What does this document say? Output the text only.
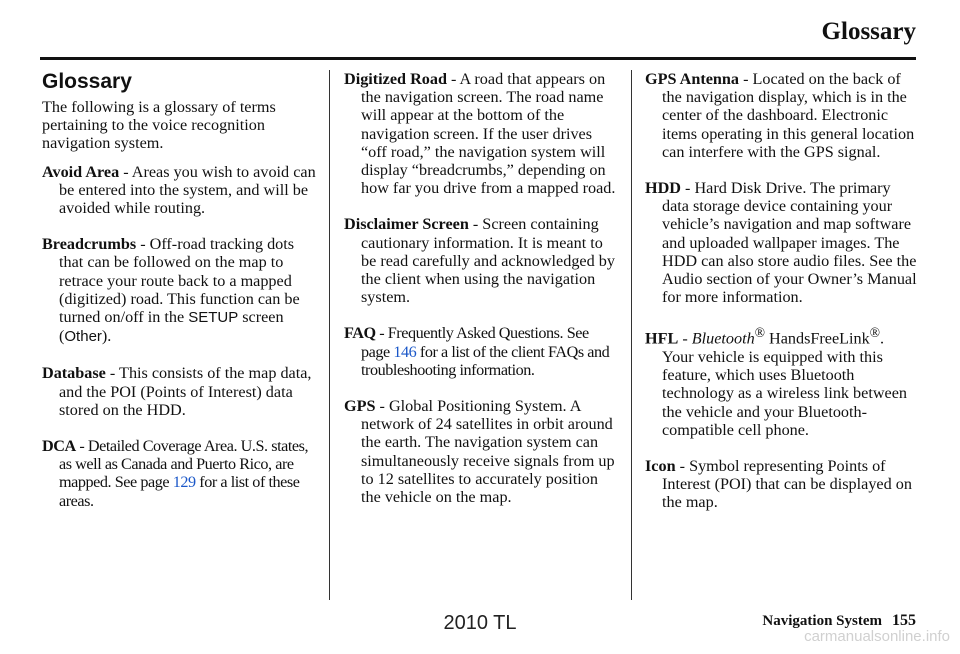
Glossary
Glossary

The following is a glossary of terms pertaining to the voice recognition navigation system.

Avoid Area - Areas you wish to avoid can be entered into the system, and will be avoided while routing.

Breadcrumbs - Off-road tracking dots that can be followed on the map to retrace your route back to a mapped (digitized) road. This function can be turned on/off in the SETUP screen (Other).

Database - This consists of the map data, and the POI (Points of Interest) data stored on the HDD.

DCA - Detailed Coverage Area. U.S. states, as well as Canada and Puerto Rico, are mapped. See page 129 for a list of these areas.

Digitized Road - A road that appears on the navigation screen. The road name will appear at the bottom of the navigation screen. If the user drives “off road,” the navigation system will display “breadcrumbs,” depending on how far you drive from a mapped road.

Disclaimer Screen - Screen containing cautionary information. It is meant to be read carefully and acknowledged by the client when using the navigation system.

FAQ - Frequently Asked Questions. See page 146 for a list of the client FAQs and troubleshooting information.

GPS - Global Positioning System. A network of 24 satellites in orbit around the earth. The navigation system can simultaneously receive signals from up to 12 satellites to accurately position the vehicle on the map.

GPS Antenna - Located on the back of the navigation display, which is in the center of the dashboard. Electronic items operating in this general location can interfere with the GPS signal.

HDD - Hard Disk Drive. The primary data storage device containing your vehicle’s navigation and map software and uploaded wallpaper images. The HDD can also store audio files. See the Audio section of your Owner’s Manual for more information.

HFL - Bluetooth® HandsFreeLink®. Your vehicle is equipped with this feature, which uses Bluetooth technology as a wireless link between the vehicle and your Bluetooth-compatible cell phone.

Icon - Symbol representing Points of Interest (POI) that can be displayed on the map.

Navigation System 155
2010 TL
carmanualsonline.info
